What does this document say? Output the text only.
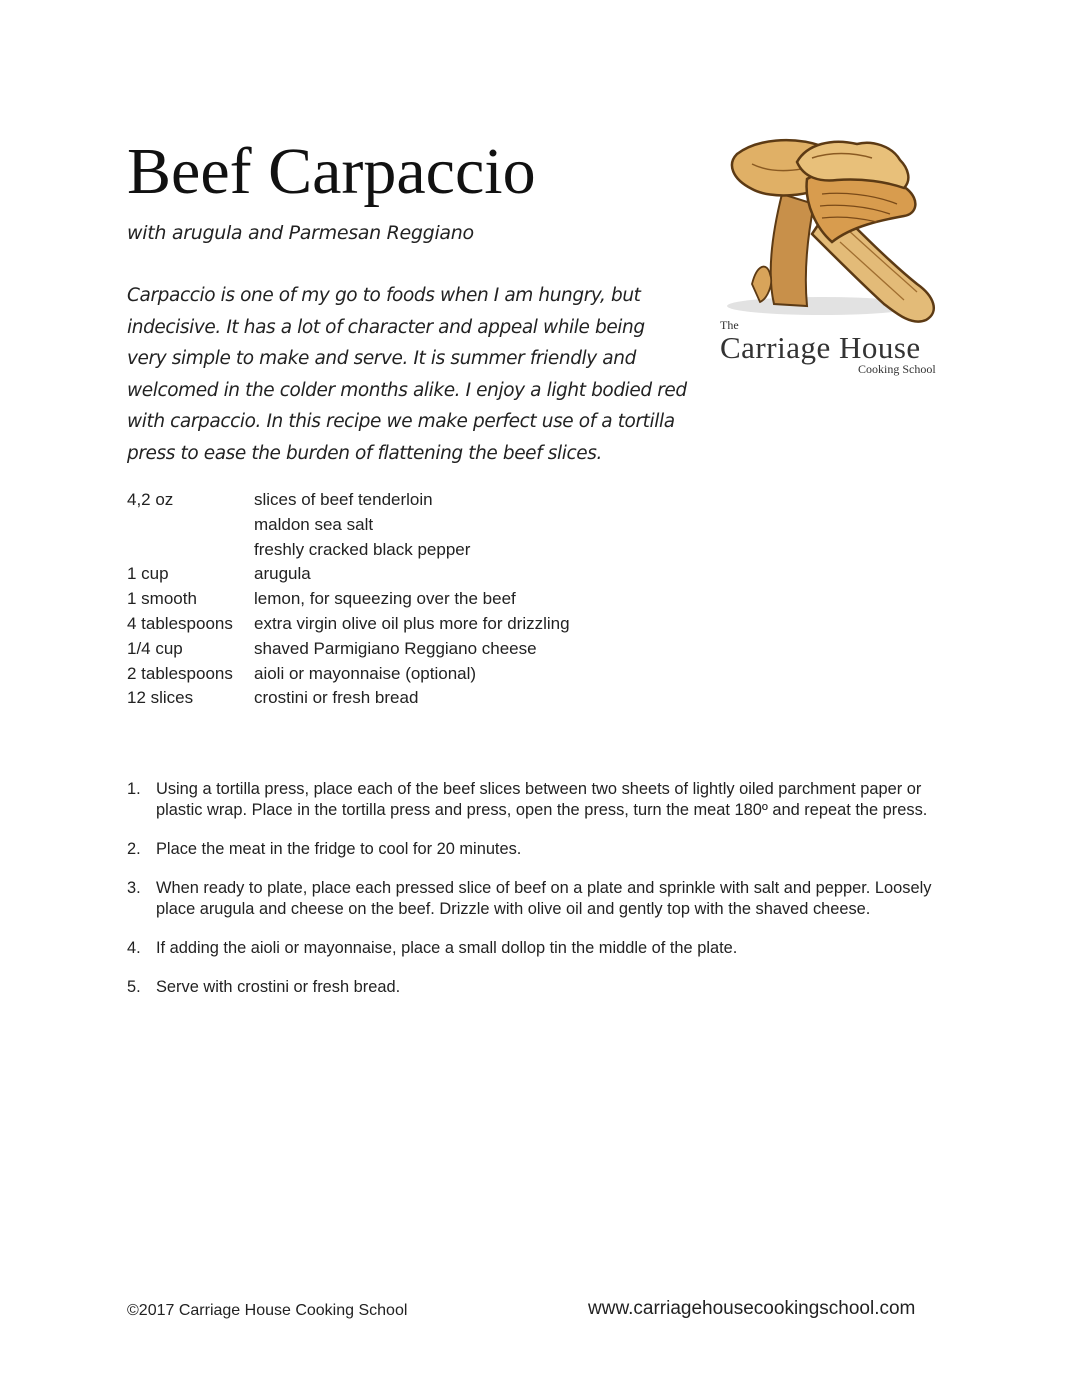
Beef Carpaccio
with arugula and Parmesan Reggiano
Carpaccio is one of my go to foods when I am hungry, but indecisive. It has a lot of character and appeal while being very simple to make and serve. It is summer friendly and welcomed in the colder months alike. I enjoy a light bodied red with carpaccio. In this recipe we make perfect use of a tortilla press to ease the burden of flattening the beef slices.
The
Carriage House
Cooking School
4,2 oz	slices of beef tenderloin
maldon sea salt
freshly cracked black pepper
1 cup	arugula
1 smooth	lemon, for squeezing over the beef
4 tablespoons extra virgin olive oil plus more for drizzling
1/4 cup	shaved Parmigiano Reggiano cheese
2 tablespoons aioli or mayonnaise (optional)
12 slices	crostini or fresh bread
1. Using a tortilla press, place each of the beef slices between two sheets of lightly oiled parchment paper or plastic wrap. Place in the tortilla press and press, open the press, turn the meat 180º and repeat the press.
2. Place the meat in the fridge to cool for 20 minutes.
3. When ready to plate, place each pressed slice of beef on a plate and sprinkle with salt and pepper. Loosely place arugula and cheese on the beef. Drizzle with olive oil and gently top with the shaved cheese.
4. If adding the aioli or mayonnaise, place a small dollop tin the middle of the plate.
5. Serve with crostini or fresh bread.
©2017 Carriage House Cooking School	www.carriagehousecookingschool.com
